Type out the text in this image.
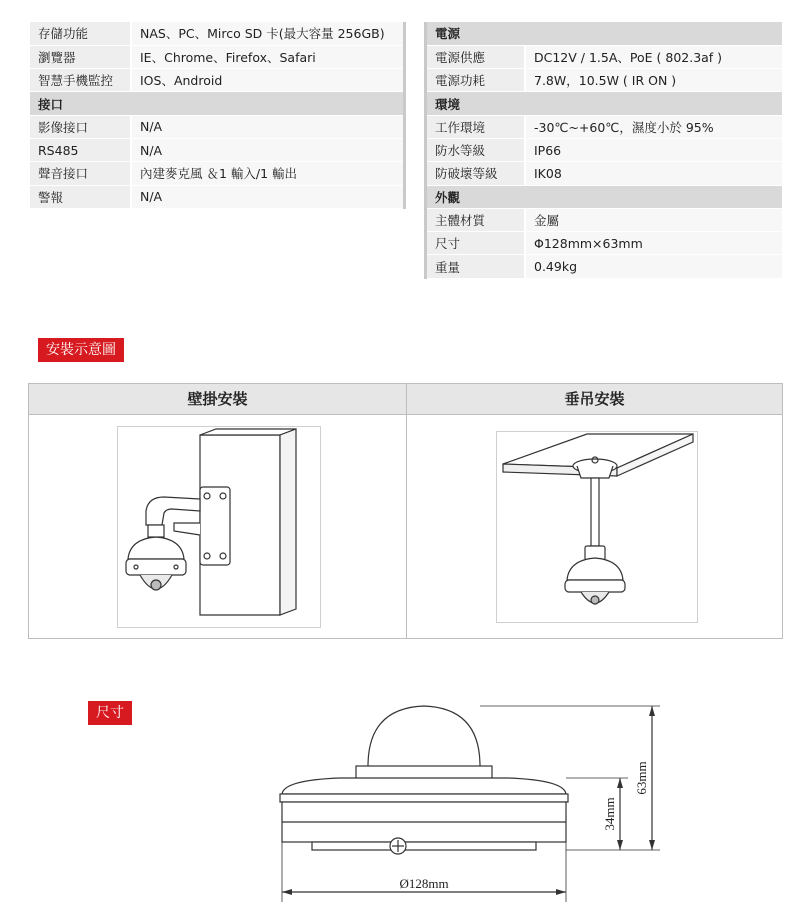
存儲功能	NAS、PC、Mirco SD 卡(最大容量 256GB)
瀏覽器	IE、Chrome、Firefox、Safari
智慧手機監控	IOS、Android
接口	
影像接口	N/A
RS485	N/A
聲音接口	內建麥克風 ＆1 輸入/1 輸出
警報	N/A
電源	
電源供應	DC12V / 1.5A、PoE ( 802.3af )
電源功耗	7.8W，10.5W ( IR ON )
環境	
工作環境	-30℃~+60℃，濕度小於 95%
防水等級	IP66
防破壞等級	IK08
外觀	
主體材質	金屬
尺寸	Φ128mm×63mm
重量	0.49kg
安裝示意圖
壁掛安裝	垂吊安裝
尺寸
Ø128mm
63mm
34mm
